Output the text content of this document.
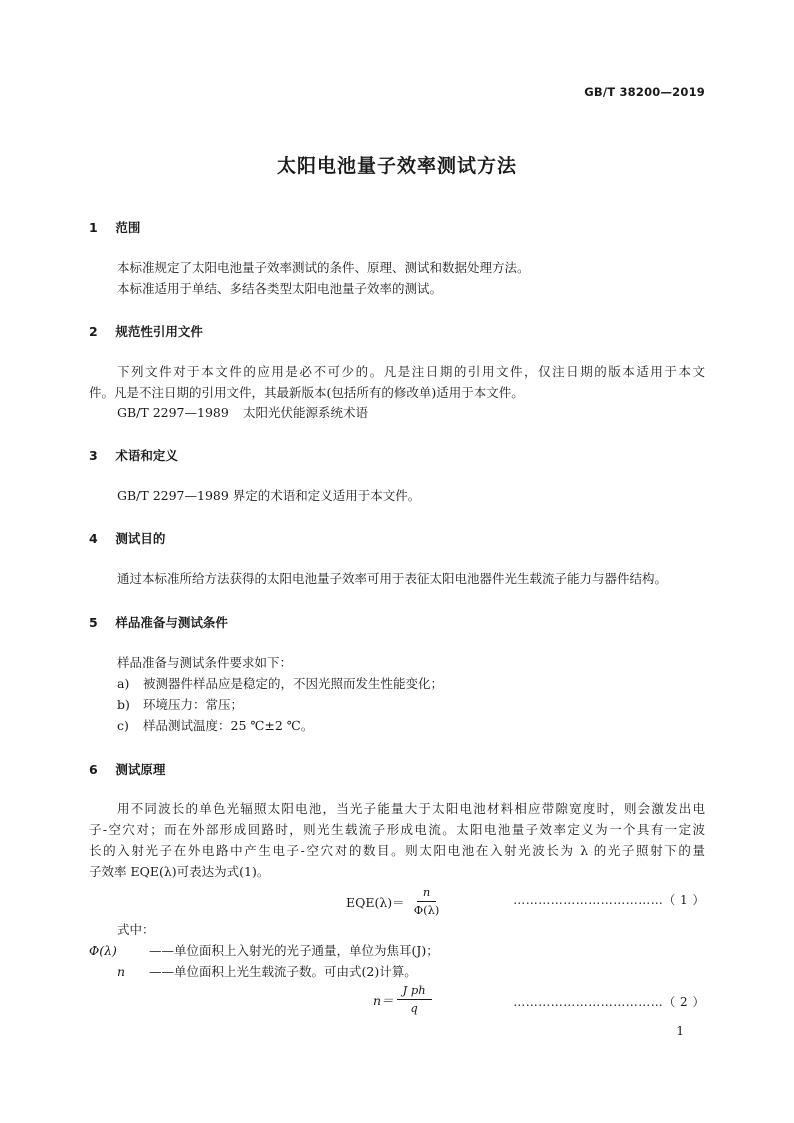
GB/T 38200—2019
太阳电池量子效率测试方法
1 范围
本标准规定了太阳电池量子效率测试的条件、原理、测试和数据处理方法。
本标准适用于单结、多结各类型太阳电池量子效率的测试。
2 规范性引用文件
下列文件对于本文件的应用是必不可少的。凡是注日期的引用文件，仅注日期的版本适用于本文
件。凡是不注日期的引用文件，其最新版本(包括所有的修改单)适用于本文件。
GB/T 2297—1989 太阳光伏能源系统术语
3 术语和定义
GB/T 2297—1989 界定的术语和定义适用于本文件。
4 测试目的
通过本标准所给方法获得的太阳电池量子效率可用于表征太阳电池器件光生载流子能力与器件结构。
5 样品准备与测试条件
样品准备与测试条件要求如下：
a) 被测器件样品应是稳定的，不因光照而发生性能变化；
b) 环境压力：常压；
c) 样品测试温度：25 ℃±2 ℃。
6 测试原理
用不同波长的单色光辐照太阳电池，当光子能量大于太阳电池材料相应带隙宽度时，则会激发出电
子-空穴对；而在外部形成回路时，则光生载流子形成电流。太阳电池量子效率定义为一个具有一定波
长的入射光子在外电路中产生电子-空穴对的数目。则太阳电池在入射光波长为 λ 的光子照射下的量
子效率 EQE(λ)可表达为式(1)。
$EQE(\lambda)= \frac{n}{\Phi(\lambda)}$	………………………………（ 1 ）
式中：
Φ(λ)	——单位面积上入射光的光子通量，单位为焦耳(J)；
n ——单位面积上光生载流子数。可由式(2)计算。
$n= \frac{\text{J ph}}{q}$	………………………………（ 2 ）
1
